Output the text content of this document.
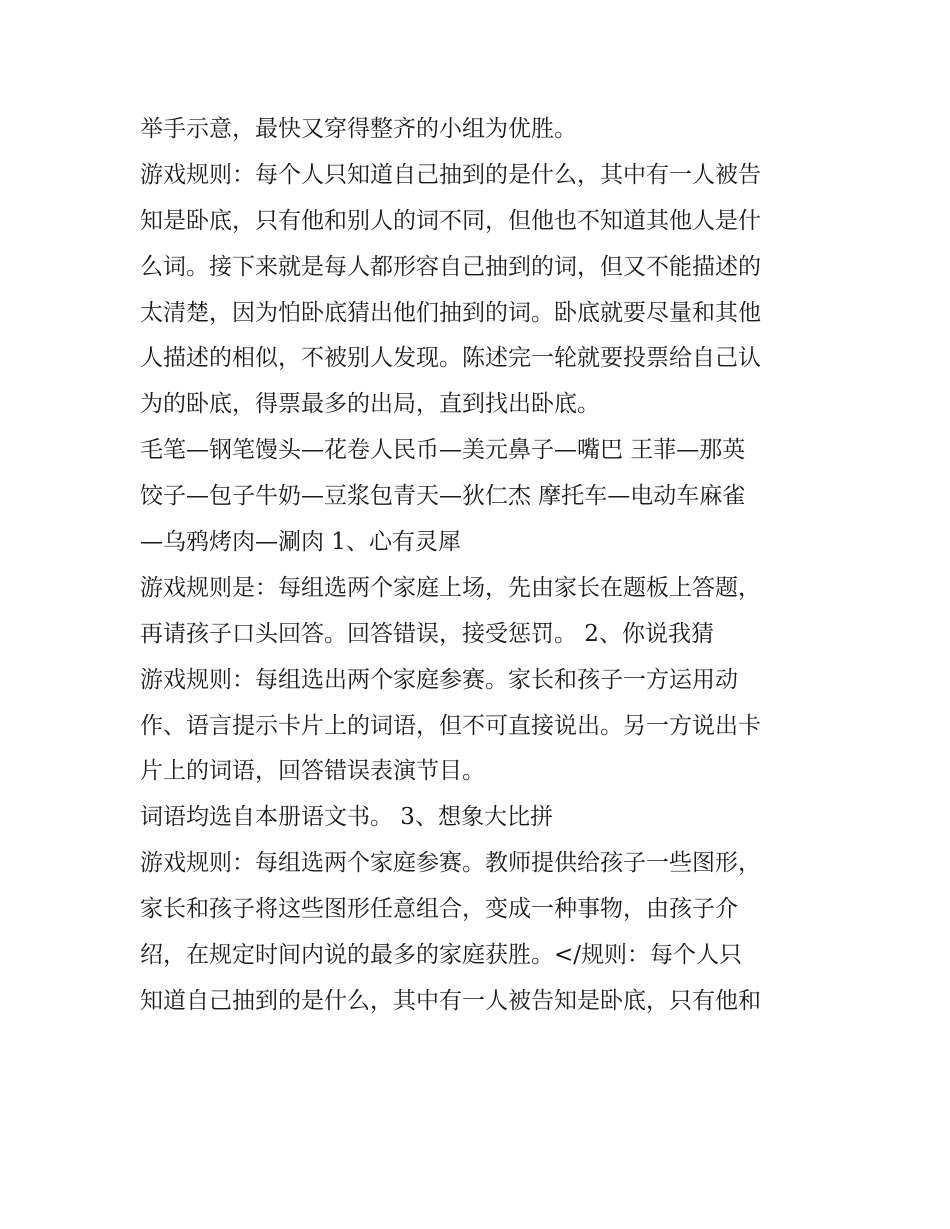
举手示意，最快又穿得整齐的小组为优胜。
游戏规则：每个人只知道自己抽到的是什么，其中有一人被告
知是卧底，只有他和别人的词不同，但他也不知道其他人是什
么词。接下来就是每人都形容自己抽到的词，但又不能描述的
太清楚，因为怕卧底猜出他们抽到的词。卧底就要尽量和其他
人描述的相似，不被别人发现。陈述完一轮就要投票给自己认
为的卧底，得票最多的出局，直到找出卧底。
毛笔—钢笔馒头—花卷人民币—美元鼻子—嘴巴 王菲—那英
饺子—包子牛奶—豆浆包青天—狄仁杰 摩托车—电动车麻雀
—乌鸦烤肉—涮肉 1、心有灵犀
游戏规则是：每组选两个家庭上场，先由家长在题板上答题，
再请孩子口头回答。回答错误，接受惩罚。 2、你说我猜
游戏规则：每组选出两个家庭参赛。家长和孩子一方运用动
作、语言提示卡片上的词语，但不可直接说出。另一方说出卡
片上的词语，回答错误表演节目。
词语均选自本册语文书。 3、想象大比拼
游戏规则：每组选两个家庭参赛。教师提供给孩子一些图形，
家长和孩子将这些图形任意组合，变成一种事物，由孩子介
绍，在规定时间内说的最多的家庭获胜。</规则：每个人只
知道自己抽到的是什么，其中有一人被告知是卧底，只有他和
